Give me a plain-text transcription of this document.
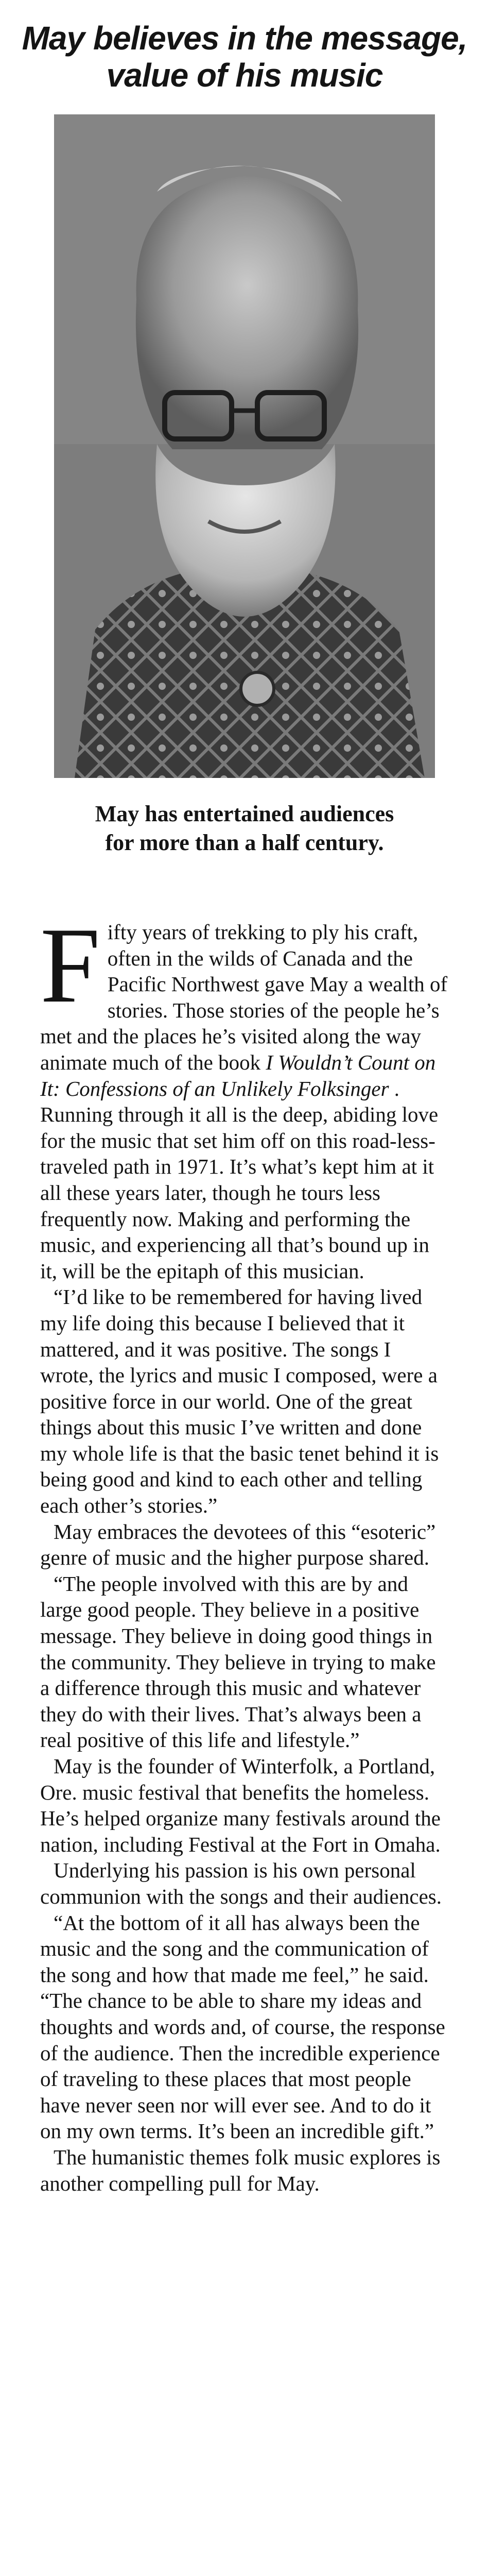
May believes in the message,
value of his music
May has entertained audiences
for more than a half century.

F ifty years of trekking to ply his craft, often in the wilds of Canada and the Pacific Northwest gave May a wealth of stories. Those stories of the people he’s met and the places he’s visited along the way animate much of the book I Wouldn’t Count on It: Confessions of an Unlikely Folksinger . Running through it all is the deep, abiding love for the music that set him off on this road-less-traveled path in 1971. It’s what’s kept him at it all these years later, though he tours less frequently now. Making and performing the music, and experiencing all that’s bound up in it, will be the epitaph of this musician.

“I’d like to be remembered for having lived my life doing this because I believed that it mattered, and it was positive. The songs I wrote, the lyrics and music I composed, were a positive force in our world. One of the great things about this music I’ve written and done my whole life is that the basic tenet behind it is being good and kind to each other and telling each other’s stories.”

May embraces the devotees of this “esoteric” genre of music and the higher purpose shared.

“The people involved with this are by and large good people. They believe in a positive message. They believe in doing good things in the community. They believe in trying to make a difference through this music and whatever they do with their lives. That’s always been a real positive of this life and lifestyle.”

May is the founder of Winterfolk, a Portland, Ore. music festival that benefits the homeless. He’s helped organize many festivals around the nation, including Festival at the Fort in Omaha.

Underlying his passion is his own personal communion with the songs and their audiences.

“At the bottom of it all has always been the music and the song and the communication of the song and how that made me feel,” he said. “The chance to be able to share my ideas and thoughts and words and, of course, the response of the audience. Then the incredible experience of traveling to these places that most people have never seen nor will ever see. And to do it on my own terms. It’s been an incredible gift.”

The humanistic themes folk music explores is another compelling pull for May.
